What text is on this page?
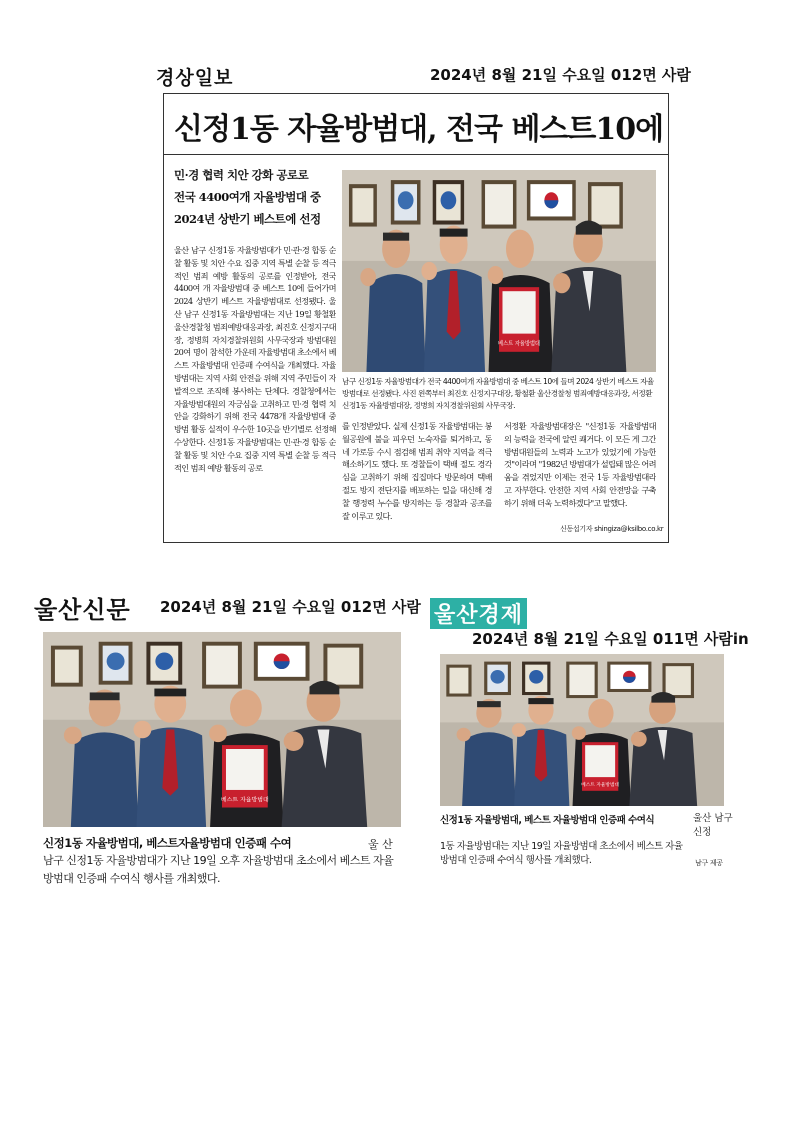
경상일보	2024년 8월 21일 수요일 012면 사람
신정1동 자율방범대, 전국 베스트10에
민·경 협력 치안 강화 공로로
전국 4400여개 자율방범대 중
2024년 상반기 베스트에 선정
울산 남구 신정1동 자율방범대가 민·관·경 합동 순찰 활동 및 치안 수요 집중 지역 특별 순찰 등 적극적인 범죄 예방 활동의 공로를 인정받아, 전국 4400여 개 자율방범대 중 베스트 10에 들어가며 2024 상반기 베스트 자율방범대로 선정됐다. 울산 남구 신정1동 자율방범대는 지난 19일 황철환 울산경찰청 범죄예방대응과장, 최진호 신정지구대장, 정병희 자치경찰위원회 사무국장과 방범대원 20여 명이 참석한 가운데 자율방범대 초소에서 베스트 자율방범대 인증패 수여식을 개최했다. 자율방범대는 지역 사회 안전을 위해 지역 주민들이 자발적으로 조직해 봉사하는 단체다. 경찰청에서는 자율방범대원의 자긍심을 고취하고 민·경 협력 치안을 강화하기 위해 전국 4478개 자율방범대 중 방범 활동 실적이 우수한 10곳을 반기별로 선정해 수상한다. 신정1동 자율방범대는 민·관·경 합동 순찰 활동 및 치안 수요 집중 지역 특별 순찰 등 적극적인 범죄 예방 활동의 공로
남구 신정1동 자율방범대가 전국 4400여개 자율방범대 중 베스트 10에 들며 2024 상반기 베스트 자율방범대로 선정됐다. 사진 왼쪽부터 최진호 신정지구대장, 황철환 울산경찰청 범죄예방대응과장, 서정환 신정1동 자율방범대장, 정병희 자치경찰위원회 사무국장.
를 인정받았다. 실제 신정1동 자율방범대는 봉월공원에 불을 피우던 노숙자를 퇴거하고, 동네 가로등 수시 점검해 범죄 취약 지역을 적극 해소하기도 했다. 또 경찰들이 택배 절도 경각심을 고취하기 위해 집집마다 방문하며 택배 절도 방지 전단지를 배포하는 일을 대신해 경찰 행정력 누수를 방지하는 등 경찰과 공조를 잘 이루고 있다.
서정환 자율방범대장은 "신정1동 자율방범대의 능력을 전국에 알린 쾌거다. 이 모든 게 그간 방범대원들의 노력과 노고가 있었기에 가능한 것"이라며 "1982년 방범대가 설립돼 많은 어려움을 겪었지만 이제는 전국 1등 자율방범대라고 자부한다. 안전한 지역 사회 안전망을 구축하기 위해 더욱 노력하겠다"고 말했다.
신동섭기자 shingiza@ksilbo.co.kr
울산신문 2024년 8월 21일 수요일 012면 사람
신정1동 자율방범대, 베스트자율방범대 인증패 수여	울 산
남구 신정1동 자율방범대가 지난 19일 오후 자율방범대 초소에서 베스트 자율방범대 인증패 수여식 행사를 개최했다.
울산경제
2024년 8월 21일 수요일 011면 사람in
신정1동 자율방범대, 베스트 자율방범대 인증패 수여식	울산 남구 신정
1동 자율방범대는 지난 19일 자율방범대 초소에서 베스트 자율방범대 인증패 수여식 행사를 개최했다.	남구 제공
